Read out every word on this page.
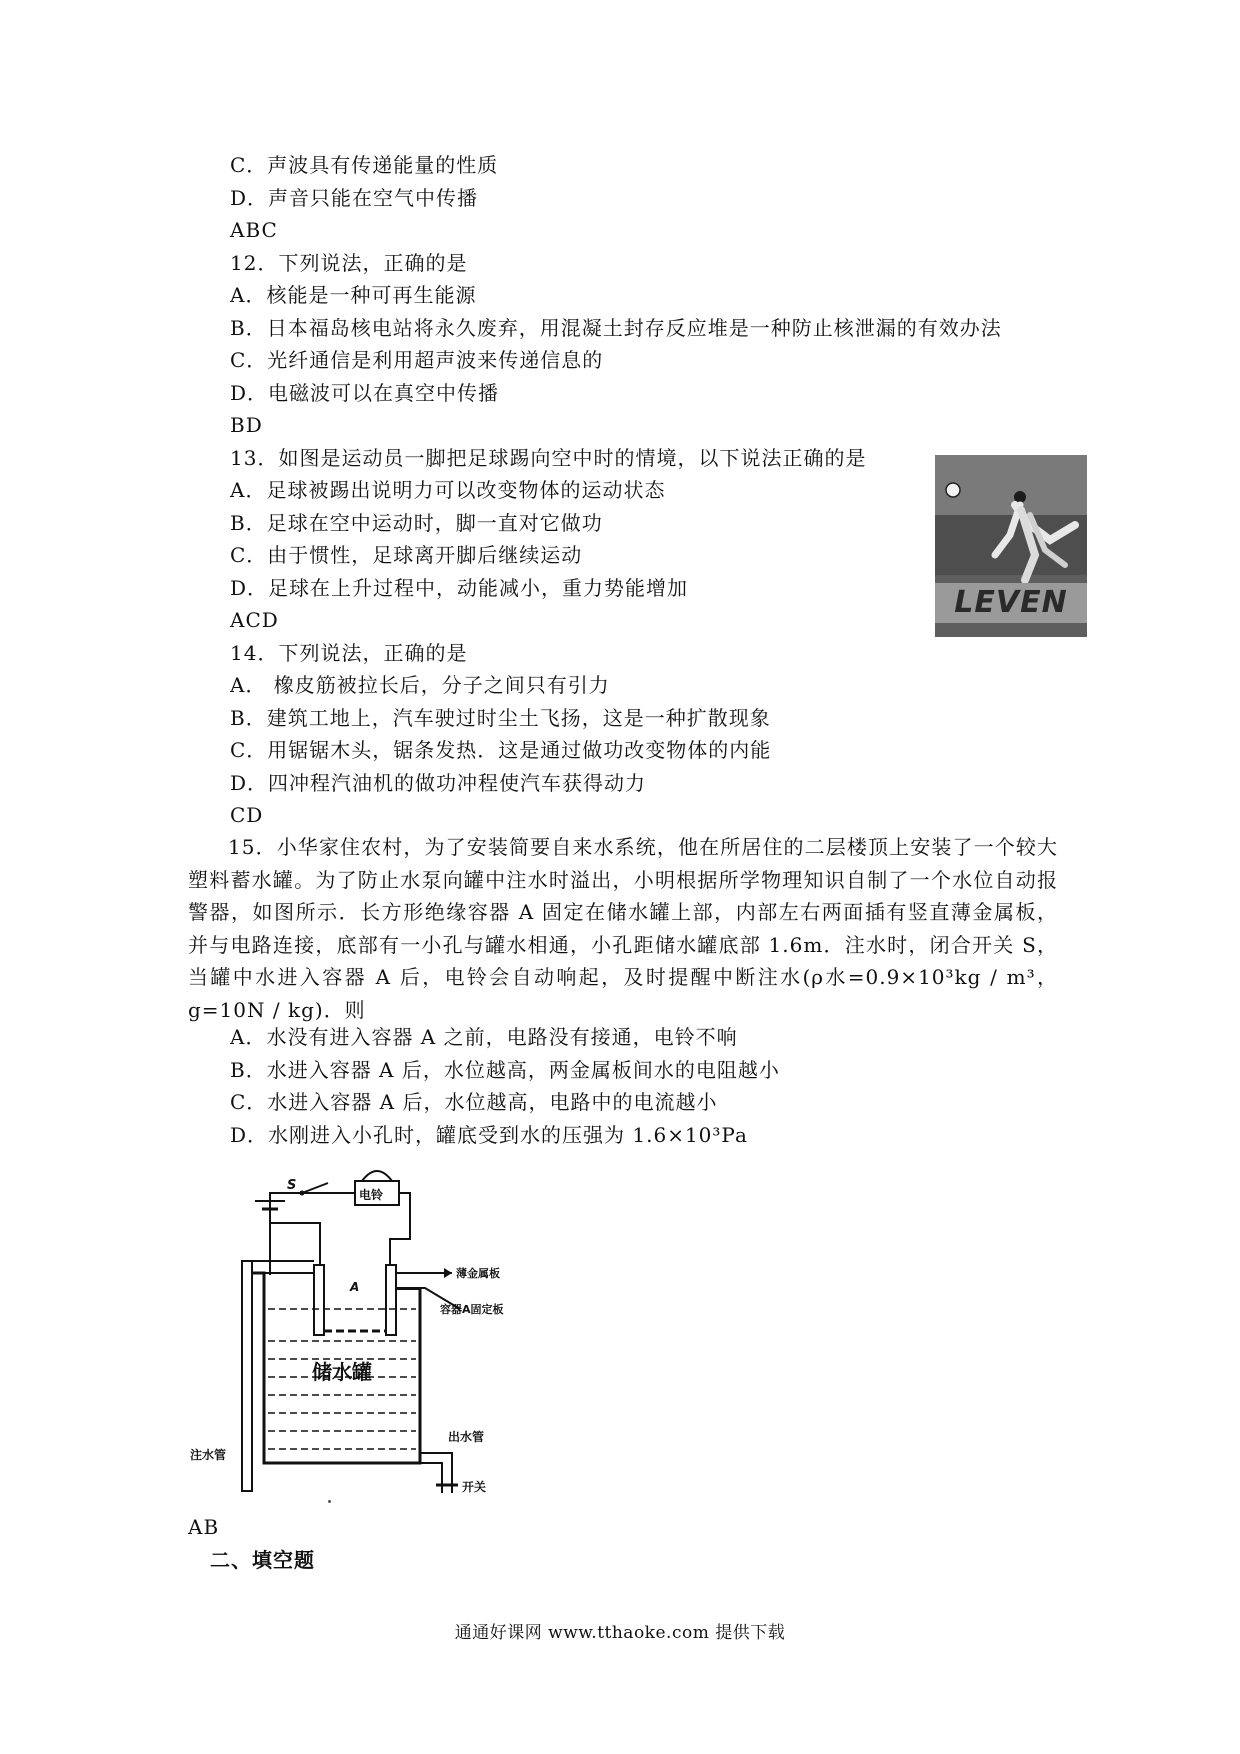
C．声波具有传递能量的性质
D．声音只能在空气中传播
ABC
12．下列说法，正确的是
A．核能是一种可再生能源
B．日本福岛核电站将永久废弃，用混凝土封存反应堆是一种防止核泄漏的有效办法
C．光纤通信是利用超声波来传递信息的
D．电磁波可以在真空中传播
BD
13．如图是运动员一脚把足球踢向空中时的情境，以下说法正确的是
A．足球被踢出说明力可以改变物体的运动状态
B．足球在空中运动时，脚一直对它做功
C．由于惯性，足球离开脚后继续运动
D．足球在上升过程中，动能减小，重力势能增加
ACD
14．下列说法，正确的是
A． 橡皮筋被拉长后，分子之间只有引力
B．建筑工地上，汽车驶过时尘土飞扬，这是一种扩散现象
C．用锯锯木头，锯条发热．这是通过做功改变物体的内能
D．四冲程汽油机的做功冲程使汽车获得动力
CD
LEVEN
15．小华家住农村，为了安装简要自来水系统，他在所居住的二层楼顶上安装了一个较大塑料蓄水罐。为了防止水泵向罐中注水时溢出，小明根据所学物理知识自制了一个水位自动报警器，如图所示．长方形绝缘容器 A 固定在储水罐上部，内部左右两面插有竖直薄金属板，并与电路连接，底部有一小孔与罐水相通，小孔距储水罐底部 1.6m．注水时，闭合开关 S，当罐中水进入容器 A 后，电铃会自动响起，及时提醒中断注水(ρ水=0.9×10³kg / m³，g=10N / kg)．则
A．水没有进入容器 A 之前，电路没有接通，电铃不响
B．水进入容器 A 后，水位越高，两金属板间水的电阻越小
C．水进入容器 A 后，水位越高，电路中的电流越小
D．水刚进入小孔时，罐底受到水的压强为 1.6×10³Pa
S
电铃
薄金属板
A
容器A固定板
储水罐
注水管
出水管
开关
AB
二、填空题
通通好课网 www.tthaoke.com 提供下载
